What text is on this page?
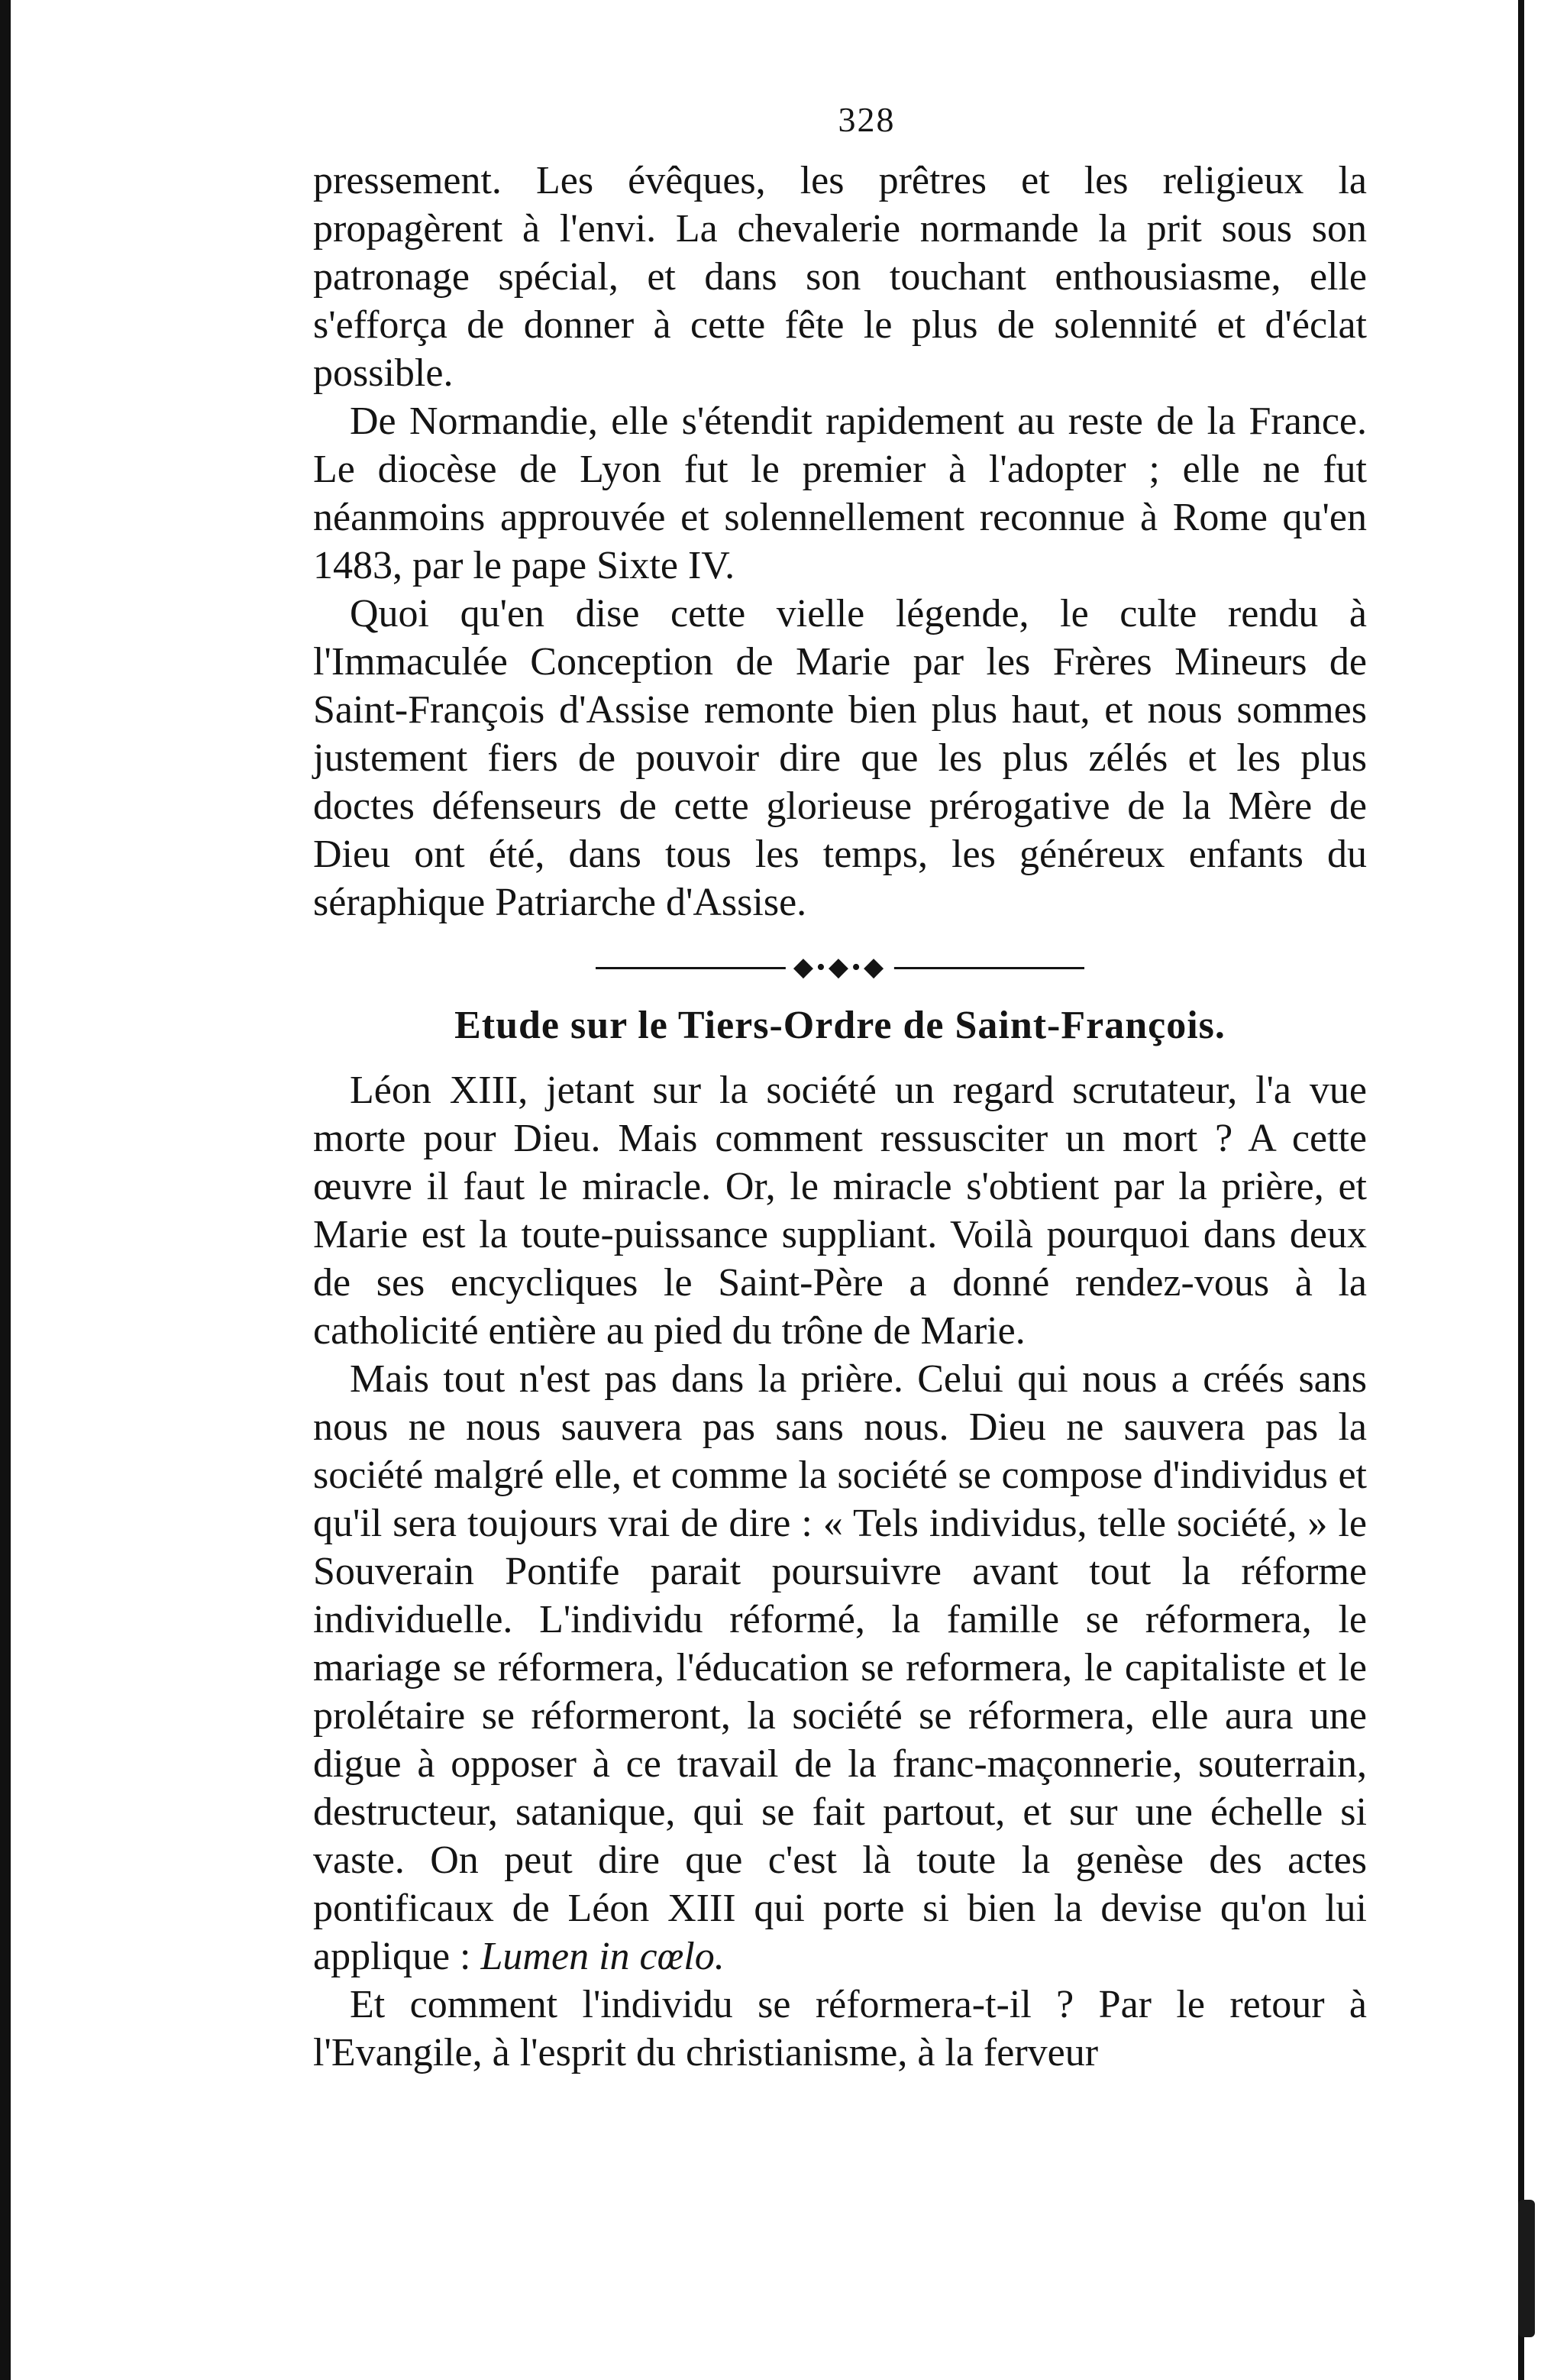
328

pressement. Les évêques, les prêtres et les religieux la propagèrent à l'envi. La chevalerie normande la prit sous son patronage spécial, et dans son touchant enthousiasme, elle s'efforça de donner à cette fête le plus de solennité et d'éclat possible.

De Normandie, elle s'étendit rapidement au reste de la France. Le diocèse de Lyon fut le premier à l'adopter ; elle ne fut néanmoins approuvée et solennellement reconnue à Rome qu'en 1483, par le pape Sixte IV.

Quoi qu'en dise cette vielle légende, le culte rendu à l'Immaculée Conception de Marie par les Frères Mineurs de Saint-François d'Assise remonte bien plus haut, et nous sommes justement fiers de pouvoir dire que les plus zélés et les plus doctes défenseurs de cette glorieuse prérogative de la Mère de Dieu ont été, dans tous les temps, les généreux enfants du séraphique Patriarche d'Assise.

◆•◆•◆
Etude sur le Tiers-Ordre de Saint-François.

Léon XIII, jetant sur la société un regard scrutateur, l'a vue morte pour Dieu. Mais comment ressusciter un mort ? A cette œuvre il faut le miracle. Or, le miracle s'obtient par la prière, et Marie est la toute-puissance suppliant. Voilà pourquoi dans deux de ses encycliques le Saint-Père a donné rendez-vous à la catholicité entière au pied du trône de Marie.

Mais tout n'est pas dans la prière. Celui qui nous a créés sans nous ne nous sauvera pas sans nous. Dieu ne sauvera pas la société malgré elle, et comme la société se compose d'individus et qu'il sera toujours vrai de dire : « Tels individus, telle société, » le Souverain Pontife parait poursuivre avant tout la réforme individuelle. L'individu réformé, la famille se réformera, le mariage se réformera, l'éducation se reformera, le capitaliste et le prolétaire se réformeront, la société se réformera, elle aura une digue à opposer à ce travail de la franc-maçonnerie, souterrain, destructeur, satanique, qui se fait partout, et sur une échelle si vaste. On peut dire que c'est là toute la genèse des actes pontificaux de Léon XIII qui porte si bien la devise qu'on lui applique : Lumen in cœlo.

Et comment l'individu se réformera-t-il ? Par le retour à l'Evangile, à l'esprit du christianisme, à la ferveur
